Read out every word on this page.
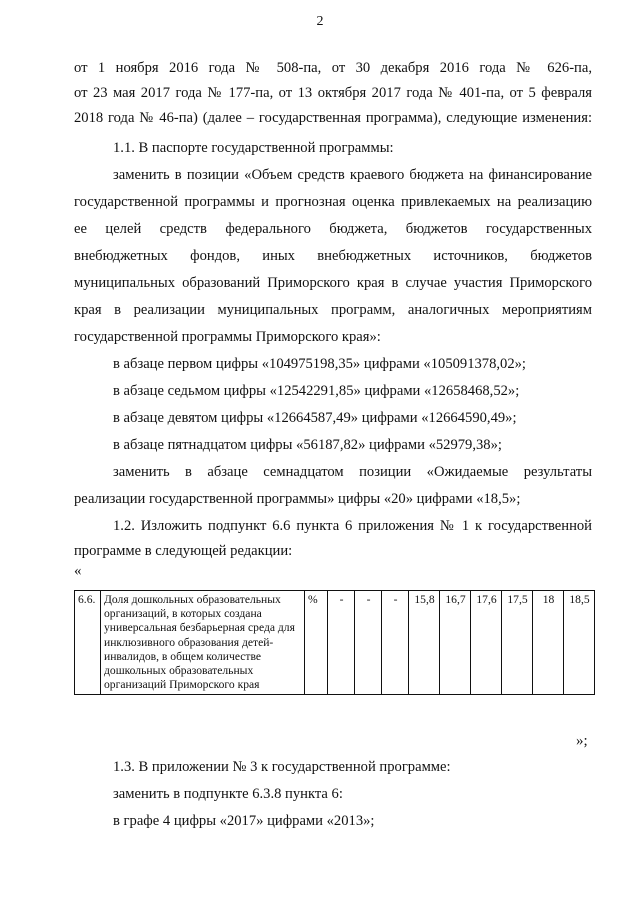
2
от 1 ноября 2016 года № 508-па, от 30 декабря 2016 года № 626-па,
от 23 мая 2017 года № 177-па, от 13 октября 2017 года № 401-па, от 5 февраля
2018 года № 46-па) (далее – государственная программа), следующие изменения:
1.1. В паспорте государственной программы:
заменить в позиции «Объем средств краевого бюджета на финансирование
государственной программы и прогнозная оценка привлекаемых на реализацию
ее целей средств федерального бюджета, бюджетов государственных
внебюджетных фондов, иных внебюджетных источников, бюджетов
муниципальных образований Приморского края в случае участия Приморского
края в реализации муниципальных программ, аналогичных мероприятиям
государственной программы Приморского края»:
в абзаце первом цифры «104975198,35» цифрами «105091378,02»;
в абзаце седьмом цифры «12542291,85» цифрами «12658468,52»;
в абзаце девятом цифры «12664587,49» цифрами «12664590,49»;
в абзаце пятнадцатом цифры «56187,82» цифрами «52979,38»;
заменить в абзаце семнадцатом позиции «Ожидаемые результаты
реализации государственной программы» цифры «20» цифрами «18,5»;
1.2. Изложить подпункт 6.6 пункта 6 приложения № 1 к государственной
программе в следующей редакции:
«
6.6.	Доля дошкольных образовательных организаций, в которых создана универсальная безбарьерная среда для инклюзивного образования детей-инвалидов, в общем количестве дошкольных образовательных организаций Приморского края	%	-	-	-	15,8	16,7	17,6	17,5	18	18,5
»;
1.3. В приложении № 3 к государственной программе:
заменить в подпункте 6.3.8 пункта 6:
в графе 4 цифры «2017» цифрами «2013»;
